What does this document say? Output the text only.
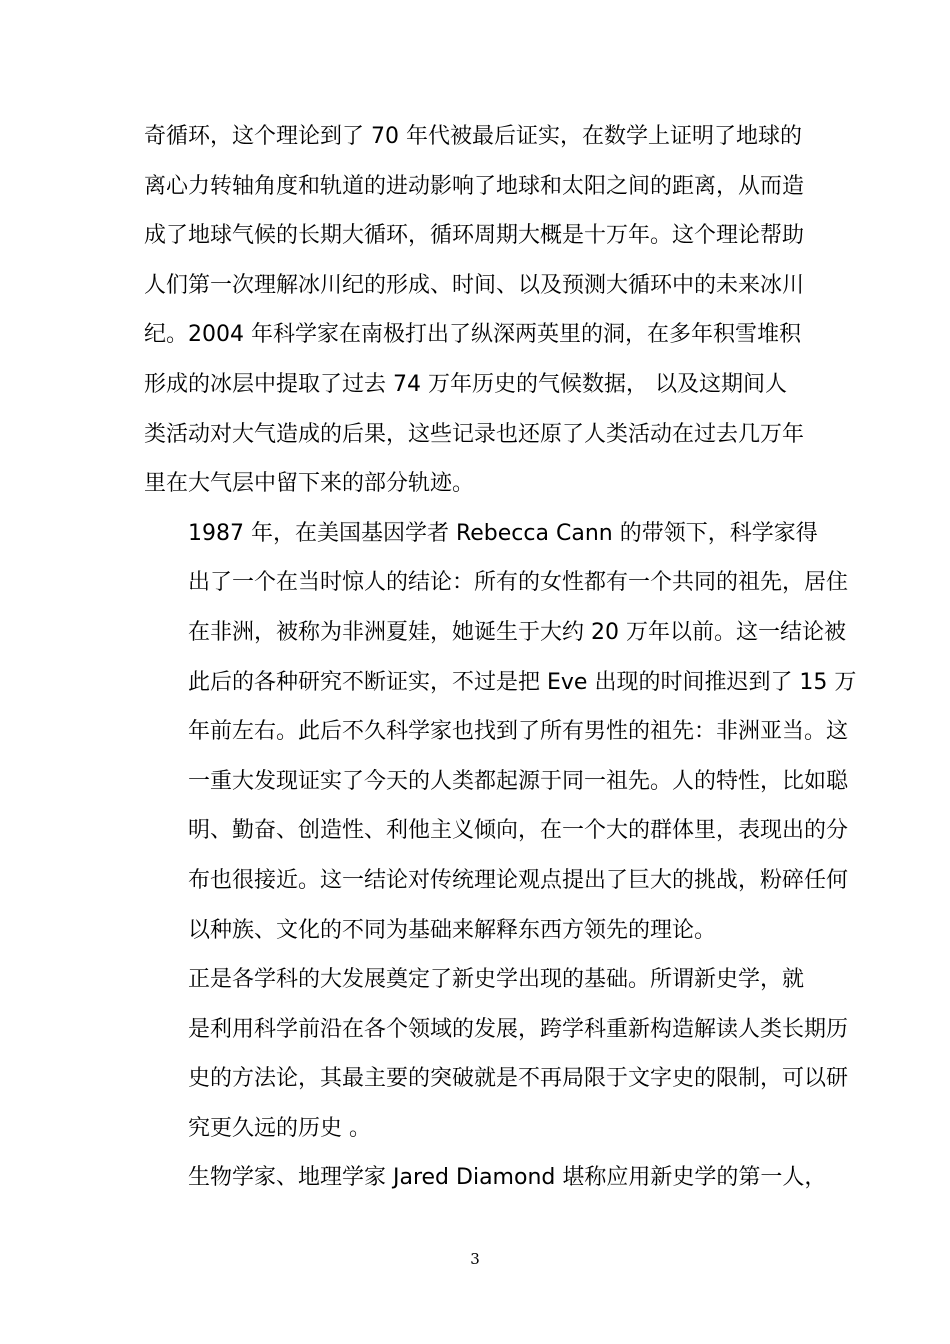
奇循环，这个理论到了 70 年代被最后证实，在数学上证明了地球的
离心力转轴角度和轨道的进动影响了地球和太阳之间的距离，从而造
成了地球气候的长期大循环，循环周期大概是十万年。这个理论帮助
人们第一次理解冰川纪的形成、时间、以及预测大循环中的未来冰川
纪。2004 年科学家在南极打出了纵深两英里的洞，在多年积雪堆积
形成的冰层中提取了过去 74 万年历史的气候数据， 以及这期间人
类活动对大气造成的后果，这些记录也还原了人类活动在过去几万年
里在大气层中留下来的部分轨迹。

1987 年，在美国基因学者 Rebecca Cann 的带领下，科学家得
出了一个在当时惊人的结论：所有的女性都有一个共同的祖先，居住
在非洲，被称为非洲夏娃，她诞生于大约 20 万年以前。这一结论被
此后的各种研究不断证实，不过是把 Eve 出现的时间推迟到了 15 万
年前左右。此后不久科学家也找到了所有男性的祖先：非洲亚当。这
一重大发现证实了今天的人类都起源于同一祖先。人的特性，比如聪
明、勤奋、创造性、利他主义倾向，在一个大的群体里，表现出的分
布也很接近。这一结论对传统理论观点提出了巨大的挑战，粉碎任何
以种族、文化的不同为基础来解释东西方领先的理论。

正是各学科的大发展奠定了新史学出现的基础。所谓新史学，就
是利用科学前沿在各个领域的发展，跨学科重新构造解读人类长期历
史的方法论，其最主要的突破就是不再局限于文字史的限制，可以研
究更久远的历史 。

生物学家、地理学家 Jared Diamond 堪称应用新史学的第一人，

3
